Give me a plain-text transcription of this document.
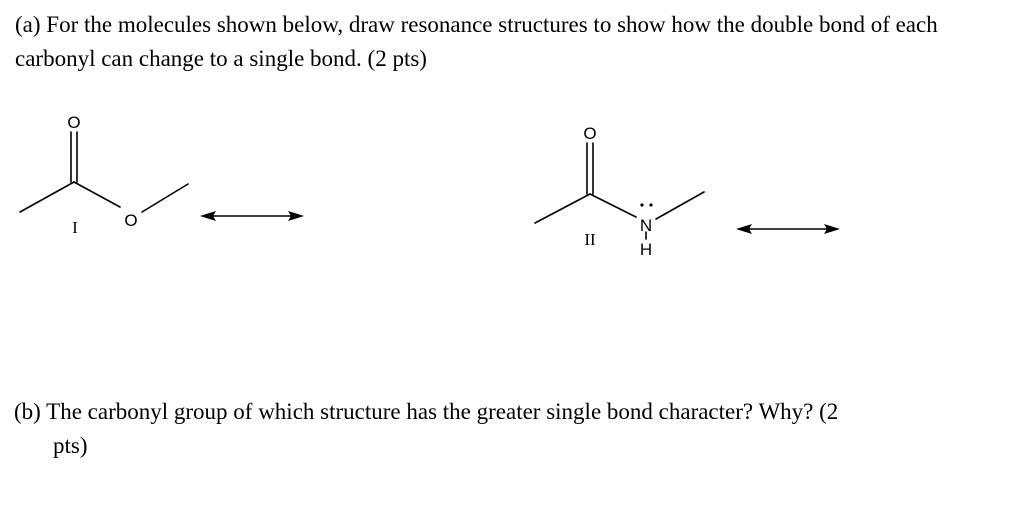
(a) For the molecules shown below, draw resonance structures to show how the double bond of each carbonyl can change to a single bond. (2 pts)

O
O
I
O
N
H
II

(b) The carbonyl group of which structure has the greater single bond character? Why? (2
pts)
